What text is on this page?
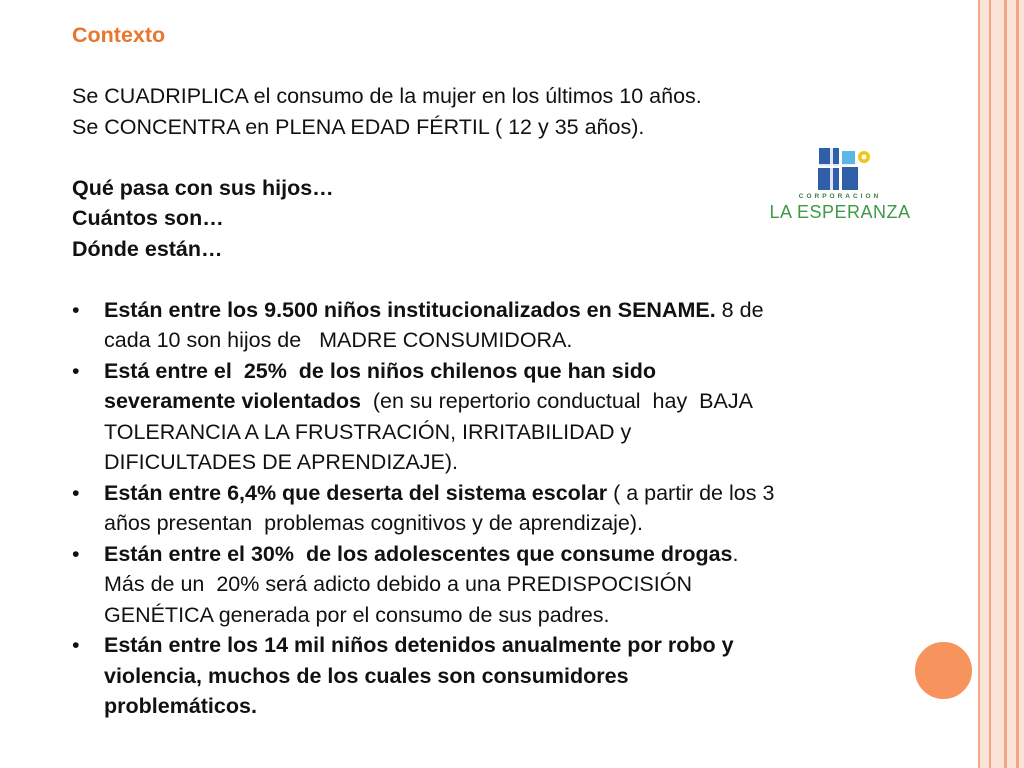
Contexto

Se CUADRIPLICA el consumo de la mujer en los últimos 10 años.

Se CONCENTRA en PLENA EDAD FÉRTIL ( 12 y 35 años).

Qué pasa con sus hijos…

Cuántos son…

Dónde están…

• Están entre los 9.500 niños institucionalizados en SENAME. 8 de
cada 10 son hijos de   MADRE CONSUMIDORA.
• Está entre el  25%  de los niños chilenos que han sido
severamente violentados  (en su repertorio conductual  hay  BAJA
TOLERANCIA A LA FRUSTRACIÓN, IRRITABILIDAD y
DIFICULTADES DE APRENDIZAJE).
• Están entre 6,4% que deserta del sistema escolar ( a partir de los 3
años presentan  problemas cognitivos y de aprendizaje).
• Están entre el 30%  de los adolescentes que consume drogas.
Más de un  20% será adicto debido a una PREDISPOCISIÓN
GENÉTICA generada por el consumo de sus padres.
• Están entre los 14 mil niños detenidos anualmente por robo y
violencia, muchos de los cuales son consumidores
problemáticos.
CORPORACION
LA ESPERANZA
